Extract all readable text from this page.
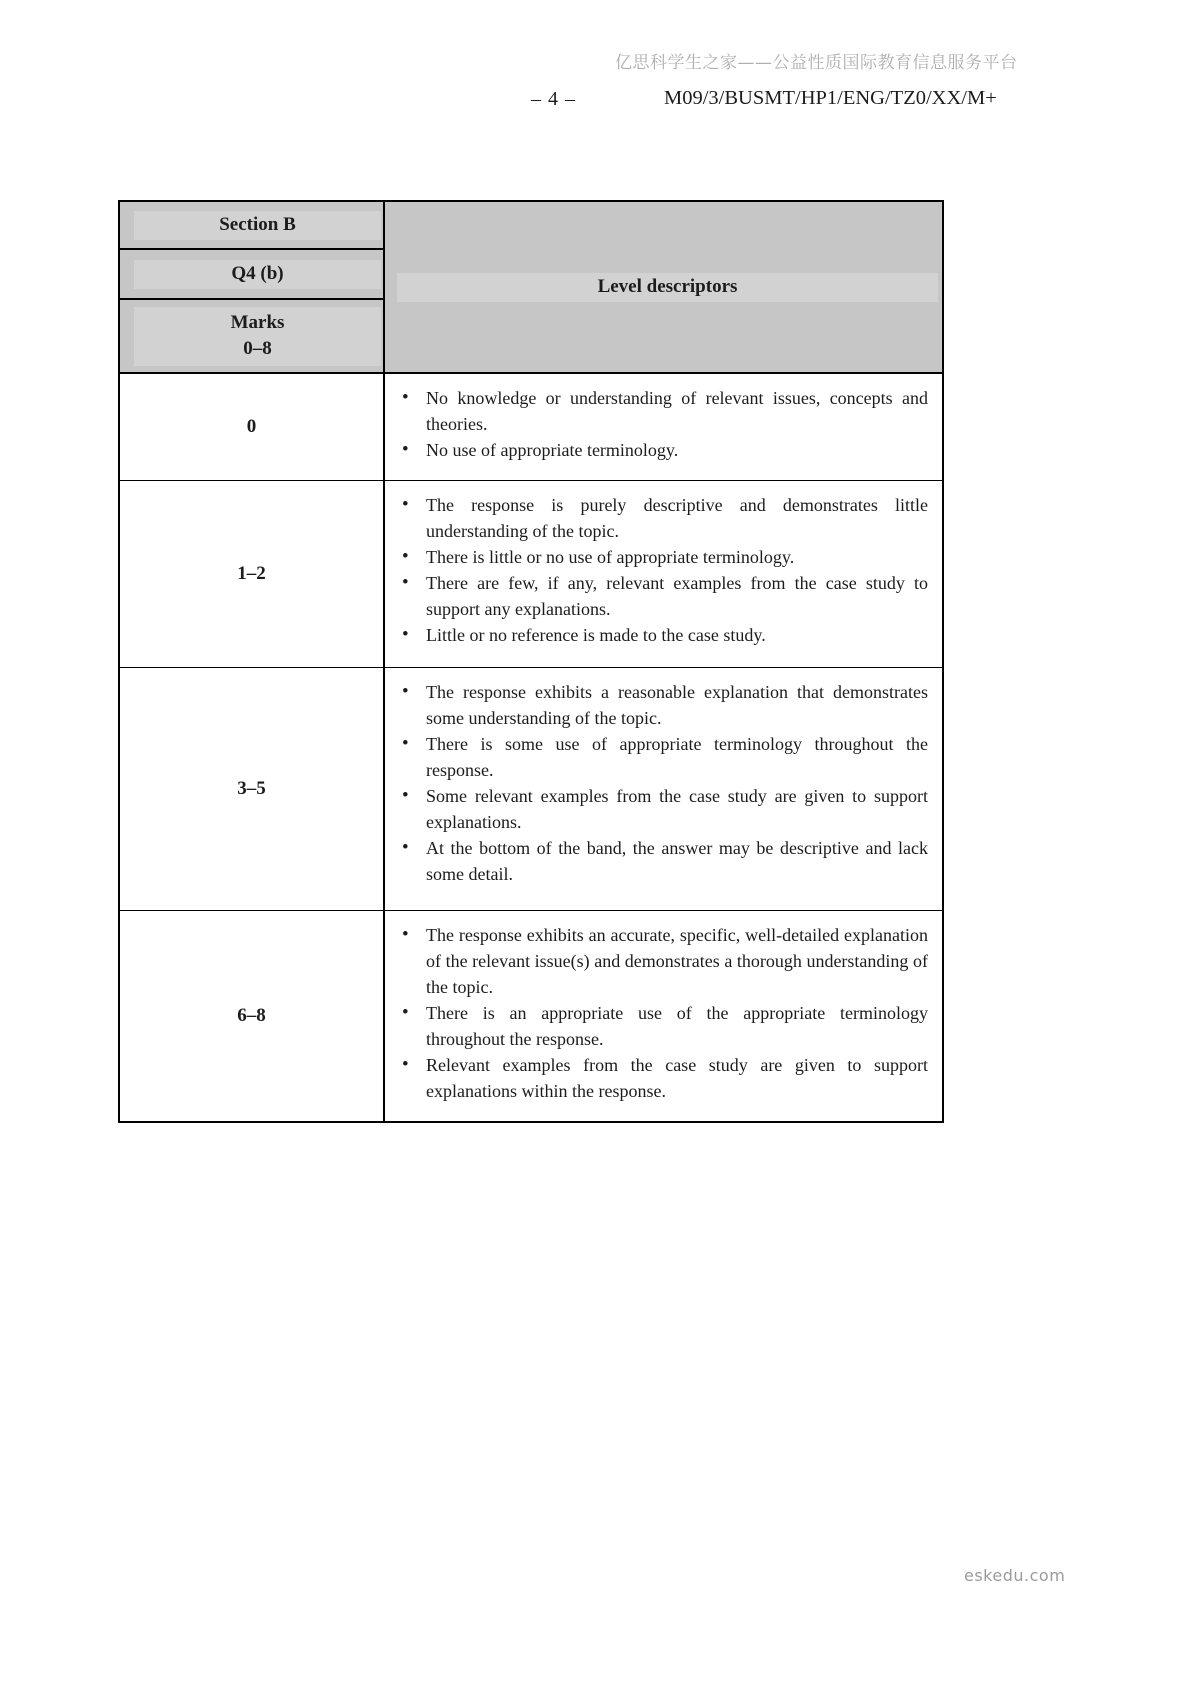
亿思科学生之家——公益性质国际教育信息服务平台
– 4 –	M09/3/BUSMT/HP1/ENG/TZ0/XX/M+
Section B
Q4 (b)
Marks
0–8
Level descriptors
0
• No knowledge or understanding of relevant issues, concepts and theories.
• No use of appropriate terminology.
1–2
• The response is purely descriptive and demonstrates little understanding of the topic.
• There is little or no use of appropriate terminology.
• There are few, if any, relevant examples from the case study to support any explanations.
• Little or no reference is made to the case study.
3–5
• The response exhibits a reasonable explanation that demonstrates some understanding of the topic.
• There is some use of appropriate terminology throughout the response.
• Some relevant examples from the case study are given to support explanations.
• At the bottom of the band, the answer may be descriptive and lack some detail.
6–8
• The response exhibits an accurate, specific, well-detailed explanation of the relevant issue(s) and demonstrates a thorough understanding of the topic.
• There is an appropriate use of the appropriate terminology throughout the response.
• Relevant examples from the case study are given to support explanations within the response.
eskedu.com
